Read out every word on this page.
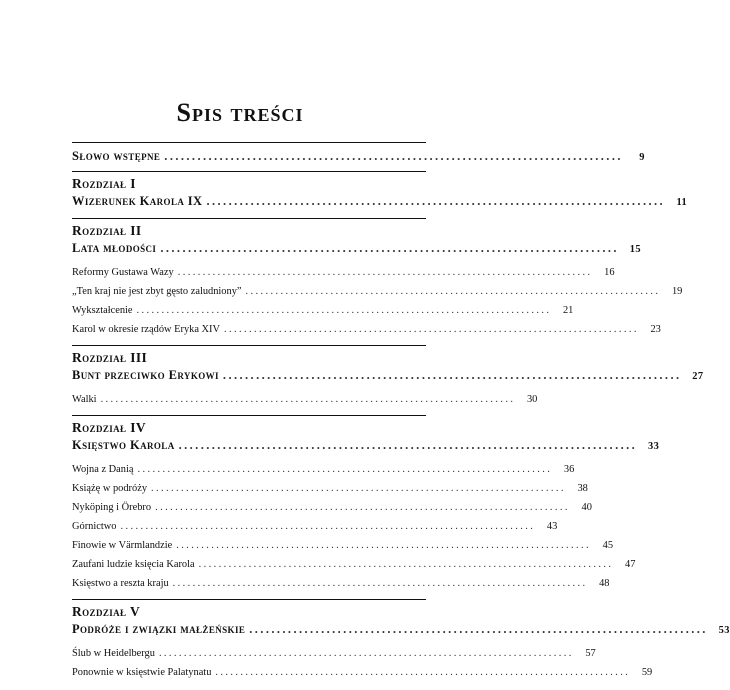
Spis treści
Słowo wstępne ...................................................................................	9
Rozdział I
Wizerunek Karola IX ...................................................................................	11
Rozdział II
Lata młodości ...................................................................................	15
Reformy Gustawa Wazy ...................................................................................	16
„Ten kraj nie jest zbyt gęsto zaludniony” ...................................................................................	19
Wykształcenie ...................................................................................	21
Karol w okresie rządów Eryka XIV ...................................................................................	23
Rozdział III
Bunt przeciwko Erykowi ...................................................................................	27
Walki ...................................................................................	30
Rozdział IV
Księstwo Karola ...................................................................................	33
Wojna z Danią ...................................................................................	36
Książę w podróży ...................................................................................	38
Nyköping i Örebro ...................................................................................	40
Górnictwo ...................................................................................	43
Finowie w Värmlandzie ...................................................................................	45
Zaufani ludzie księcia Karola ...................................................................................	47
Księstwo a reszta kraju ...................................................................................	48
Rozdział V
Podróże i związki małżeńskie ...................................................................................	53
Ślub w Heidelbergu ...................................................................................	57
Ponownie w księstwie Palatynatu ...................................................................................	59
